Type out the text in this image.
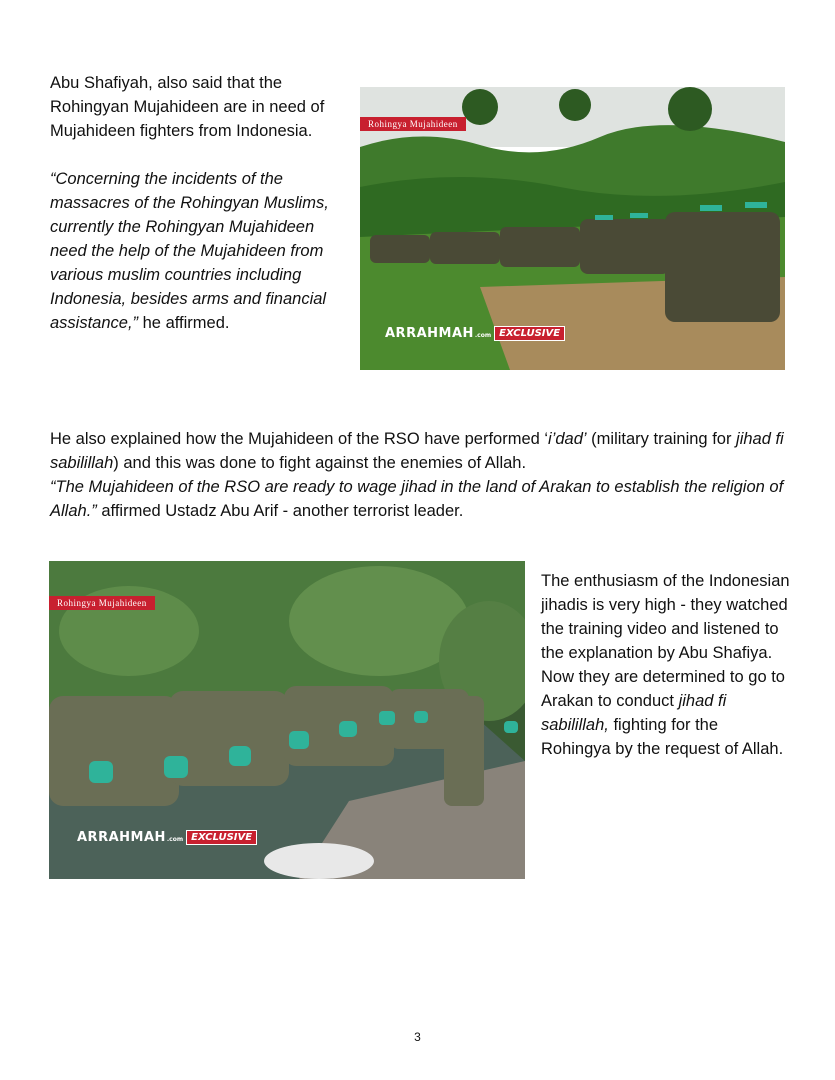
Abu Shafiyah, also said that the Rohingyan Mujahideen are in need of Mujahideen fighters from Indonesia.

“Concerning the incidents of the massacres of the Rohingyan Muslims, currently the Rohingyan Mujahideen need the help of the Mujahideen from various muslim countries including Indonesia, besides arms and financial assistance,” he affirmed.

Rohingya Mujahideen
ARRAHMAH .com EXCLUSIVE

He also explained how the Mujahideen of the RSO have performed ‘i’dad’ (military training for jihad fi sabilillah) and this was done to fight against the enemies of Allah.

“The Mujahideen of the RSO are ready to wage jihad in the land of Arakan to establish the religion of Allah.” affirmed Ustadz Abu Arif - another terrorist leader.

Rohingya Mujahideen
ARRAHMAH .com EXCLUSIVE

The enthusiasm of the Indonesian jihadis is very high - they watched the training video and listened to the explanation by Abu Shafiya. Now they are determined to go to Arakan to conduct jihad fi sabilillah, fighting for the Rohingya by the request of Allah.

3
